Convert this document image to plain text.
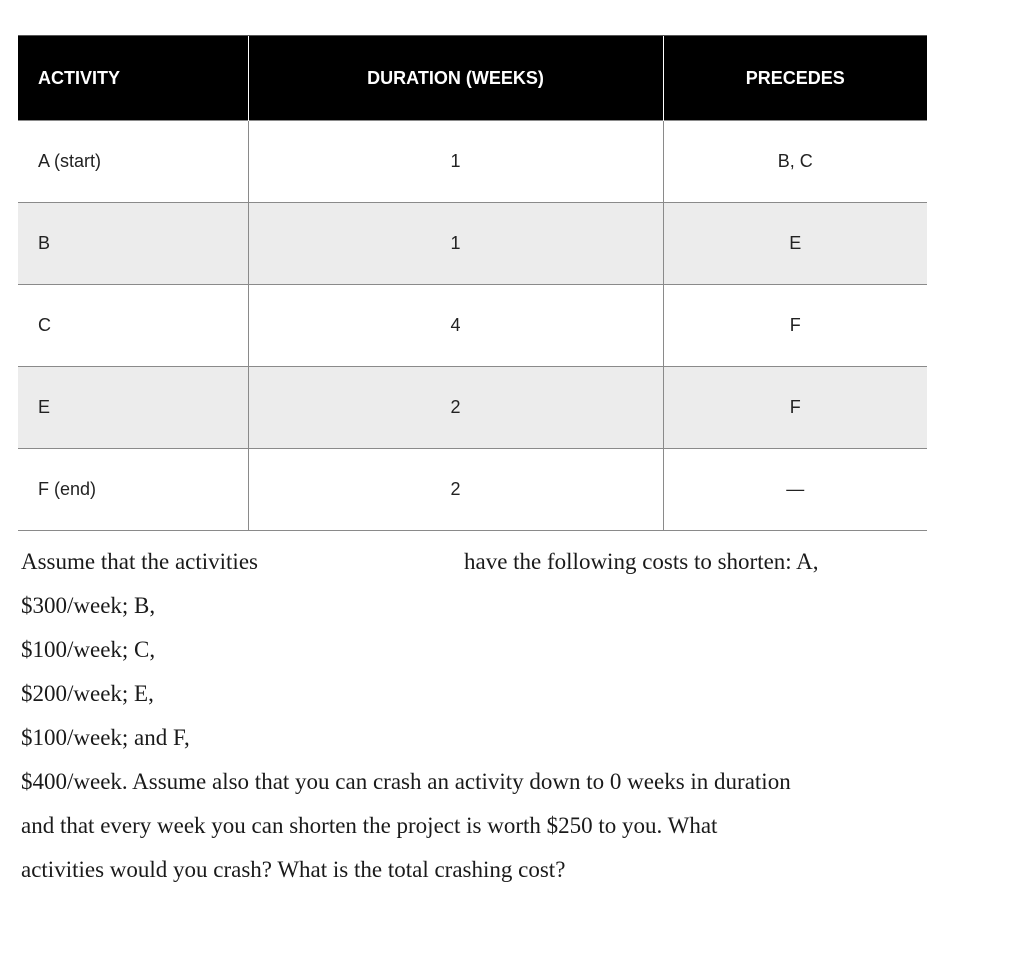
ACTIVITY	DURATION (WEEKS)	PRECEDES
A (start)	1	B, C
B	1	E
C	4	F
E	2	F
F (end)	2	—
Assume that the activities	have the following costs to shorten: A,
$300/week; B,
$100/week; C,
$200/week; E,
$100/week; and F,
$400/week. Assume also that you can crash an activity down to 0 weeks in duration
and that every week you can shorten the project is worth $250 to you. What
activities would you crash? What is the total crashing cost?
